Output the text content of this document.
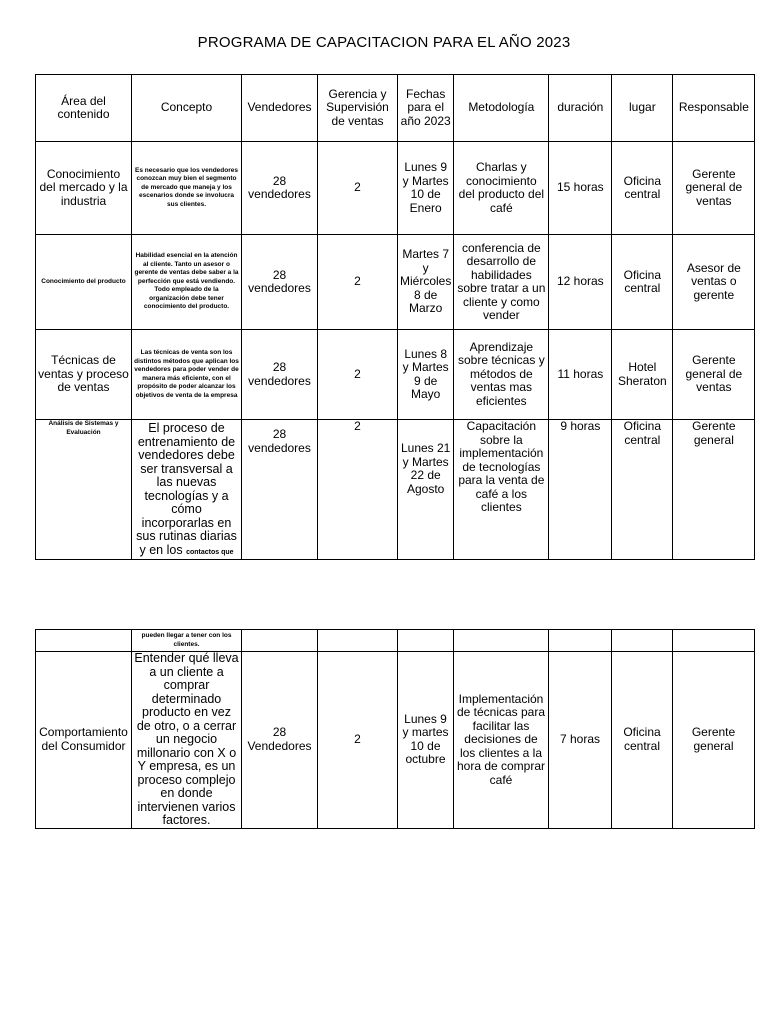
PROGRAMA DE CAPACITACION PARA EL AÑO 2023
Área del contenido	Concepto	Vendedores	Gerencia y Supervisión de ventas	Fechas para el año 2023	Metodología	duración	lugar	Responsable
Conocimiento del mercado y la industria	Es necesario que los vendedores conozcan muy bien el segmento de mercado que maneja y los escenarios donde se involucra sus clientes.	28 vendedores	2	Lunes 9 y Martes 10 de Enero	Charlas y conocimiento del producto del café	15 horas	Oficina central	Gerente general de ventas
Conocimiento del producto	Habilidad esencial en la atención al cliente. Tanto un asesor o gerente de ventas debe saber a la perfección que está vendiendo. Todo empleado de la organización debe tener conocimiento del producto.	28 vendedores	2	Martes 7 y Miércoles 8 de Marzo	conferencia de desarrollo de habilidades sobre tratar a un cliente y como vender	12 horas	Oficina central	Asesor de ventas o gerente
Técnicas de ventas y proceso de ventas	Las técnicas de venta son los distintos métodos que aplican los vendedores para poder vender de manera más eficiente, con el propósito de poder alcanzar los objetivos de venta de la empresa	28 vendedores	2	Lunes 8 y Martes 9 de Mayo	Aprendizaje sobre técnicas y métodos de ventas mas eficientes	11 horas	Hotel Sheraton	Gerente general de ventas
Análisis de Sistemas y Evaluación	El proceso de entrenamiento de vendedores debe ser transversal a las nuevas tecnologías y a cómo incorporarlas en sus rutinas diarias y en los contactos que	28 vendedores	2	Lunes 21 y Martes 22 de Agosto	Capacitación sobre la implementación de tecnologías para la venta de café a los clientes	9 horas	Oficina central	Gerente general
	pueden llegar a tener con los clientes.							
Comportamiento del Consumidor	Entender qué lleva a un cliente a comprar determinado producto en vez de otro, o a cerrar un negocio millonario con X o Y empresa, es un proceso complejo en donde intervienen varios factores.	28 Vendedores	2	Lunes 9 y martes 10 de octubre	Implementación de técnicas para facilitar las decisiones de los clientes a la hora de comprar café	7 horas	Oficina central	Gerente general
